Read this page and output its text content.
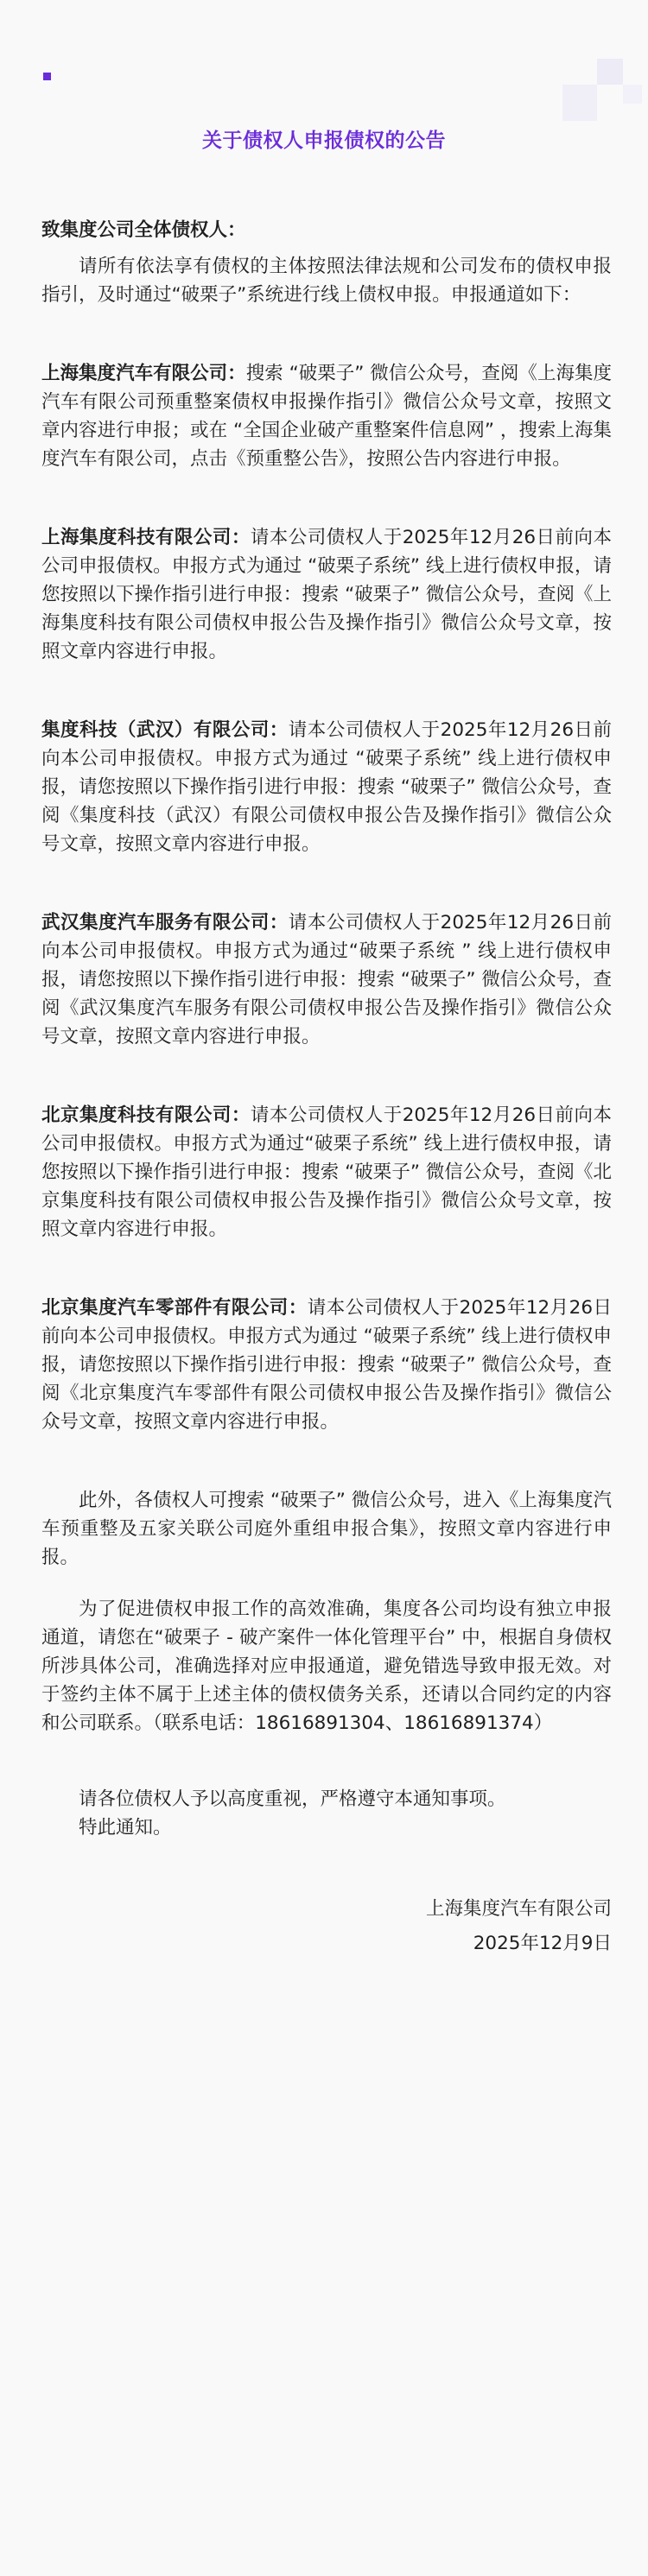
关于债权人申报债权的公告

致集度公司全体债权人：

请所有依法享有债权的主体按照法律法规和公司发布的债权申报指引，及时通过“破栗子”系统进行线上债权申报。申报通道如下：

上海集度汽车有限公司：搜索 “破栗子” 微信公众号，查阅《上海集度汽车有限公司预重整案债权申报操作指引》微信公众号文章，按照文章内容进行申报；或在 “全国企业破产重整案件信息网” ，搜索上海集度汽车有限公司，点击《预重整公告》，按照公告内容进行申报。

上海集度科技有限公司：请本公司债权人于2025年12月26日前向本公司申报债权。申报方式为通过 “破栗子系统” 线上进行债权申报，请您按照以下操作指引进行申报：搜索 “破栗子” 微信公众号，查阅《上海集度科技有限公司债权申报公告及操作指引》微信公众号文章，按照文章内容进行申报。

集度科技（武汉）有限公司：请本公司债权人于2025年12月26日前向本公司申报债权。申报方式为通过 “破栗子系统” 线上进行债权申报，请您按照以下操作指引进行申报：搜索 “破栗子” 微信公众号，查阅《集度科技（武汉）有限公司债权申报公告及操作指引》微信公众号文章，按照文章内容进行申报。

武汉集度汽车服务有限公司：请本公司债权人于2025年12月26日前向本公司申报债权。申报方式为通过“破栗子系统 ” 线上进行债权申报，请您按照以下操作指引进行申报：搜索 “破栗子” 微信公众号，查阅《武汉集度汽车服务有限公司债权申报公告及操作指引》微信公众号文章，按照文章内容进行申报。

北京集度科技有限公司：请本公司债权人于2025年12月26日前向本公司申报债权。申报方式为通过“破栗子系统” 线上进行债权申报，请您按照以下操作指引进行申报：搜索 “破栗子” 微信公众号，查阅《北京集度科技有限公司债权申报公告及操作指引》微信公众号文章，按照文章内容进行申报。

北京集度汽车零部件有限公司：请本公司债权人于2025年12月26日前向本公司申报债权。申报方式为通过 “破栗子系统” 线上进行债权申报，请您按照以下操作指引进行申报：搜索 “破栗子” 微信公众号，查阅《北京集度汽车零部件有限公司债权申报公告及操作指引》微信公众号文章，按照文章内容进行申报。

此外，各债权人可搜索 “破栗子” 微信公众号，进入《上海集度汽车预重整及五家关联公司庭外重组申报合集》，按照文章内容进行申报。

为了促进债权申报工作的高效准确，集度各公司均设有独立申报通道，请您在“破栗子 - 破产案件一体化管理平台” 中，根据自身债权所涉具体公司，准确选择对应申报通道，避免错选导致申报无效。对于签约主体不属于上述主体的债权债务关系，还请以合同约定的内容和公司联系。（联系电话：18616891304、18616891374）

请各位债权人予以高度重视，严格遵守本通知事项。

特此通知。

上海集度汽车有限公司

2025年12月9日
